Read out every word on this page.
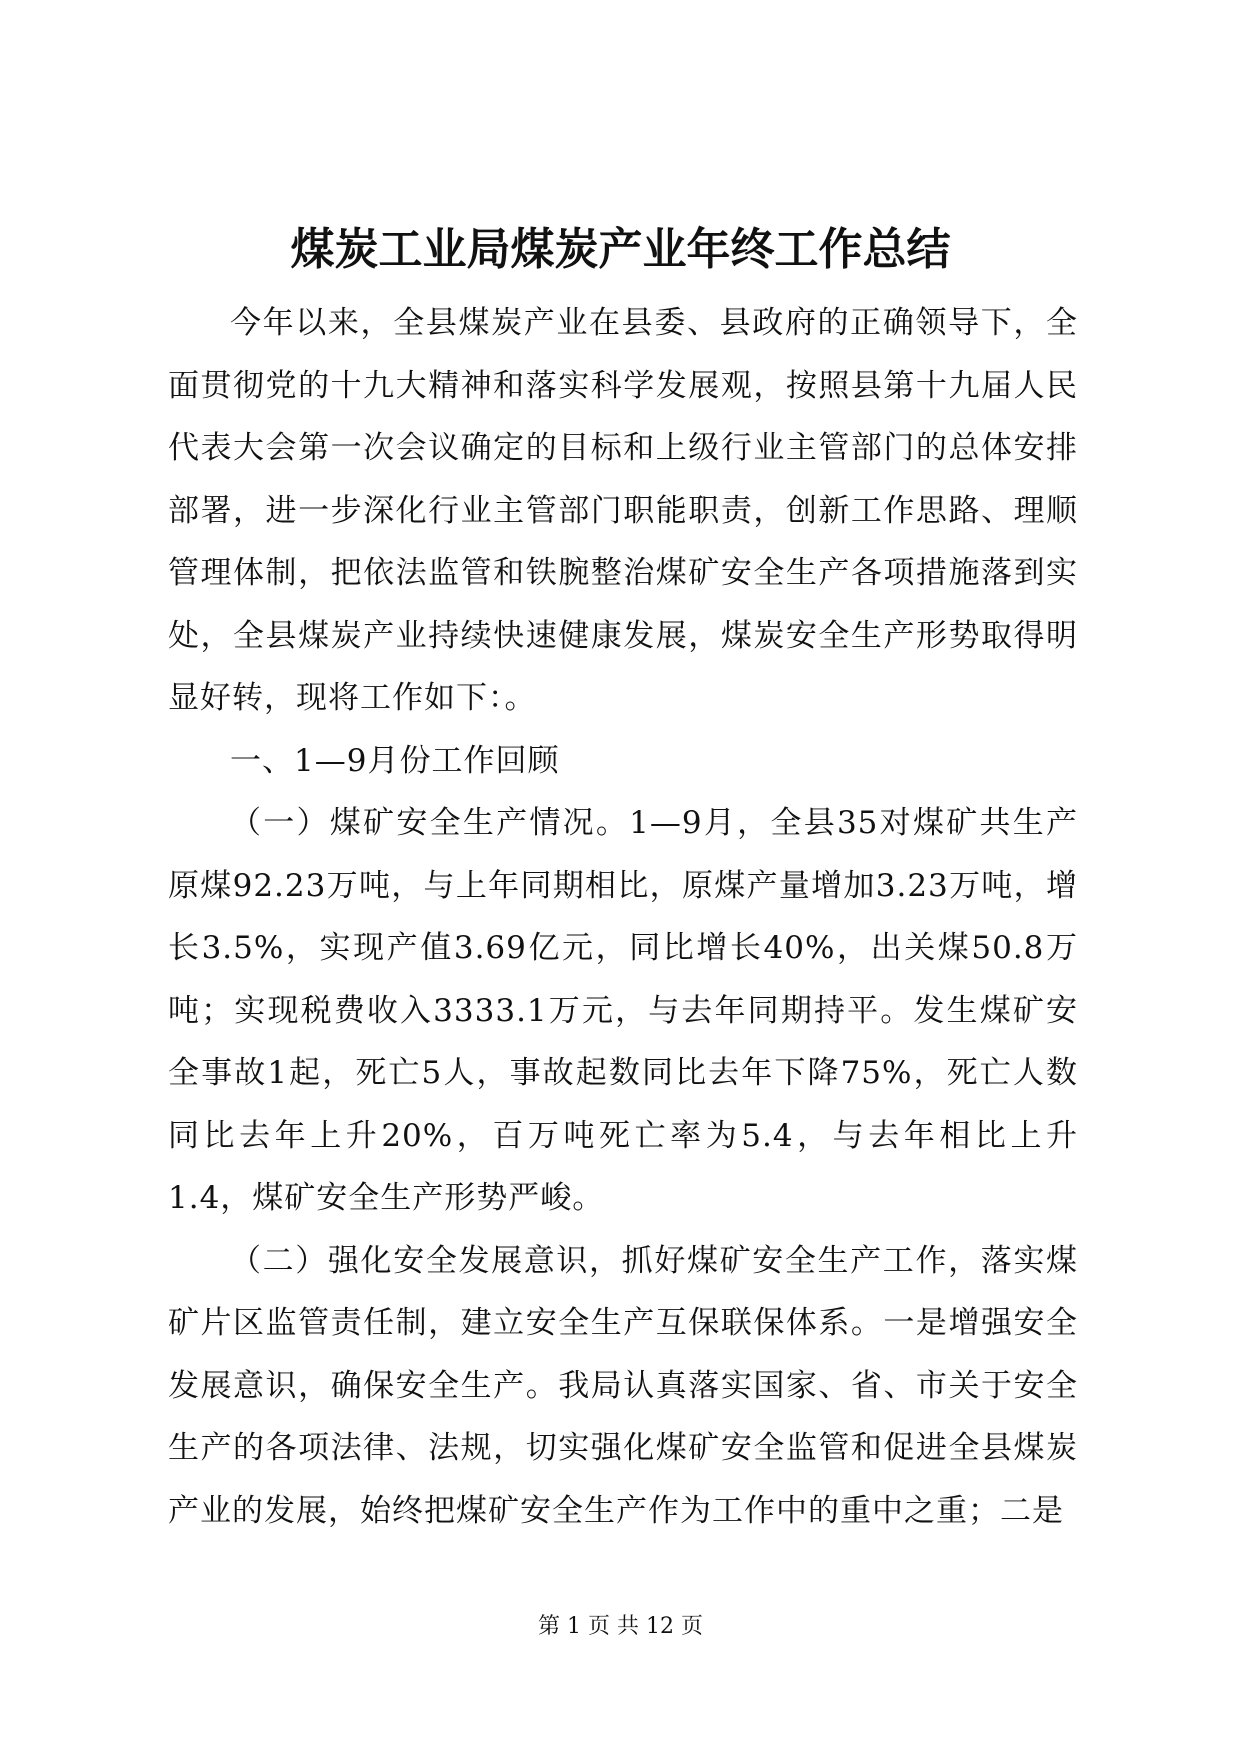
煤炭工业局煤炭产业年终工作总结

今年以来，全县煤炭产业在县委、县政府的正确领导下，全面贯彻党的十九大精神和落实科学发展观，按照县第十九届人民代表大会第一次会议确定的目标和上级行业主管部门的总体安排部署，进一步深化行业主管部门职能职责，创新工作思路、理顺管理体制，把依法监管和铁腕整治煤矿安全生产各项措施落到实处，全县煤炭产业持续快速健康发展，煤炭安全生产形势取得明显好转，现将工作如下：。

一、1—9月份工作回顾

（一）煤矿安全生产情况。1—9月，全县35对煤矿共生产原煤92.23万吨，与上年同期相比，原煤产量增加3.23万吨，增长3.5%，实现产值3.69亿元，同比增长40%，出关煤50.8万吨；实现税费收入3333.1万元，与去年同期持平。发生煤矿安全事故1起，死亡5人，事故起数同比去年下降75%，死亡人数同比去年上升20%，百万吨死亡率为5.4，与去年相比上升1.4，煤矿安全生产形势严峻。

（二）强化安全发展意识，抓好煤矿安全生产工作，落实煤矿片区监管责任制，建立安全生产互保联保体系。一是增强安全发展意识，确保安全生产。我局认真落实国家、省、市关于安全生产的各项法律、法规，切实强化煤矿安全监管和促进全县煤炭产业的发展，始终把煤矿安全生产作为工作中的重中之重；二是

第 1 页 共 12 页
